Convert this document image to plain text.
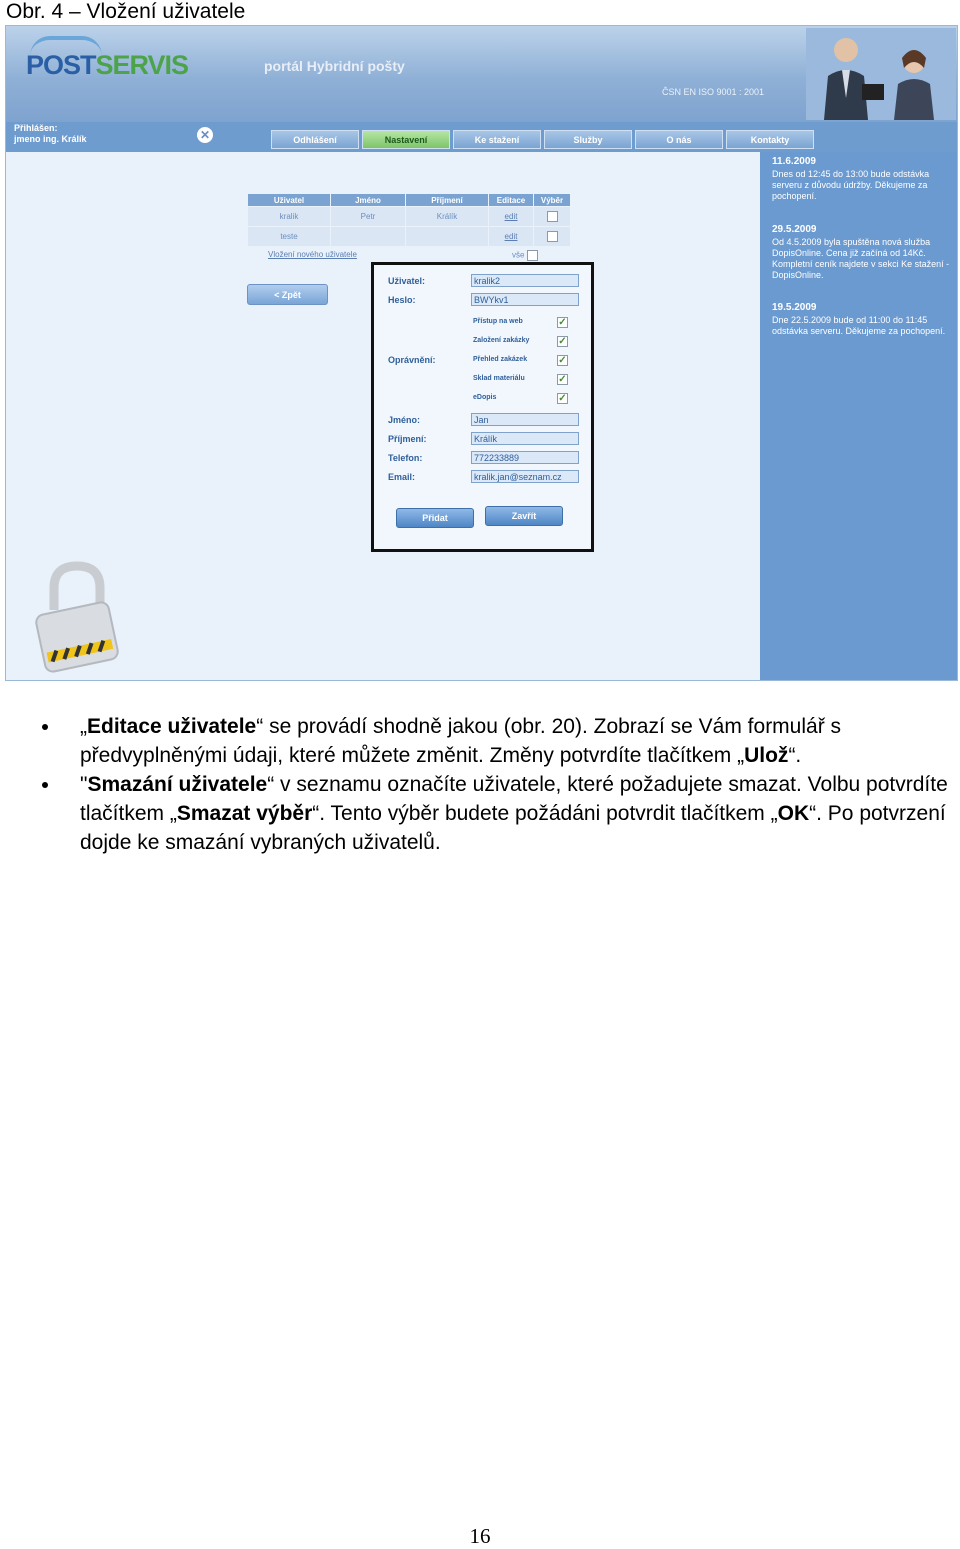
Obr. 4 – Vložení uživatele
POSTSERVIS	portál Hybridní pošty
ČSN EN ISO 9001 : 2001
Přihlášen:
jmeno ing. Králík	✕	Odhlášení	Nastavení	Ke stažení	Služby	O nás	Kontakty
Uživatel	Jméno	Příjmení	Editace	Výběr
kralik	Petr	Králík	edit	
teste			edit	
Vložení nového uživatele	vše
< Zpět
Uživatel:	kralik2
Heslo:	BWYkv1
Oprávnění:
Přístup na web
✓
Založení zakázky
✓
Přehled zakázek
✓
Sklad materiálu
✓
eDopis
✓
Jméno:	Jan
Příjmení:	Králík
Telefon:	772233889
Email:	kralik.jan@seznam.cz
Přidat	Zavřít
11.6.2009
Dnes od 12:45 do 13:00 bude odstávka serveru z důvodu údržby. Děkujeme za pochopení.
29.5.2009
Od 4.5.2009 byla spuštěna nová služba DopisOnline. Cena již začíná od 14Kč. Kompletní ceník najdete v sekci Ke stažení - DopisOnline.
19.5.2009
Dne 22.5.2009 bude od 11:00 do 11:45 odstávka serveru. Děkujeme za pochopení.

„Editace uživatele“ se provádí shodně jakou (obr. 20). Zobrazí se Vám formulář s předvyplněnými údaji, které můžete změnit. Změny potvrdíte tlačítkem „Ulož“.

"Smazání uživatele“ v seznamu označíte uživatele, které požadujete smazat. Volbu potvrdíte tlačítkem „Smazat výběr“. Tento výběr budete požádáni potvrdit tlačítkem „OK“. Po potvrzení dojde ke smazání vybraných uživatelů.

16
